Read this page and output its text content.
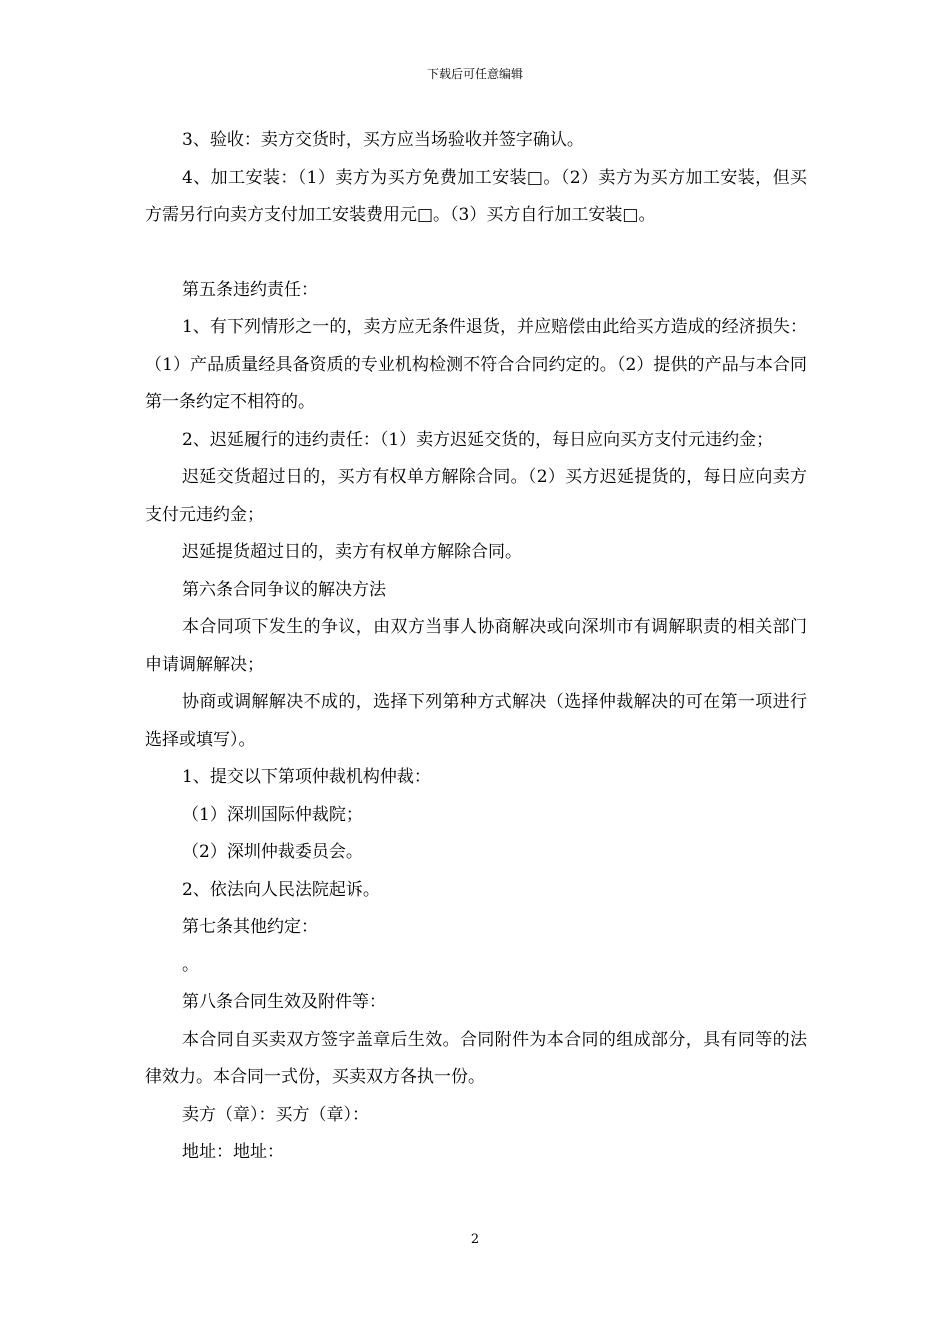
下载后可任意编辑

3、验收：卖方交货时，买方应当场验收并签字确认。

4、加工安装：（1）卖方为买方免费加工安装□。（2）卖方为买方加工安装，但买方需另行向卖方支付加工安装费用元□。（3）买方自行加工安装□。

第五条违约责任：

1、有下列情形之一的，卖方应无条件退货，并应赔偿由此给买方造成的经济损失：（1）产品质量经具备资质的专业机构检测不符合合同约定的。（2）提供的产品与本合同第一条约定不相符的。

2、迟延履行的违约责任：（1）卖方迟延交货的，每日应向买方支付元违约金；

迟延交货超过日的，买方有权单方解除合同。（2）买方迟延提货的，每日应向卖方支付元违约金；

迟延提货超过日的，卖方有权单方解除合同。

第六条合同争议的解决方法

本合同项下发生的争议，由双方当事人协商解决或向深圳市有调解职责的相关部门申请调解解决；

协商或调解解决不成的，选择下列第种方式解决（选择仲裁解决的可在第一项进行选择或填写）。

1、提交以下第项仲裁机构仲裁：

（1）深圳国际仲裁院；

（2）深圳仲裁委员会。

2、依法向人民法院起诉。

第七条其他约定：

。

第八条合同生效及附件等：

本合同自买卖双方签字盖章后生效。合同附件为本合同的组成部分，具有同等的法律效力。本合同一式份，买卖双方各执一份。

卖方（章）：买方（章）：

地址：地址：

2
